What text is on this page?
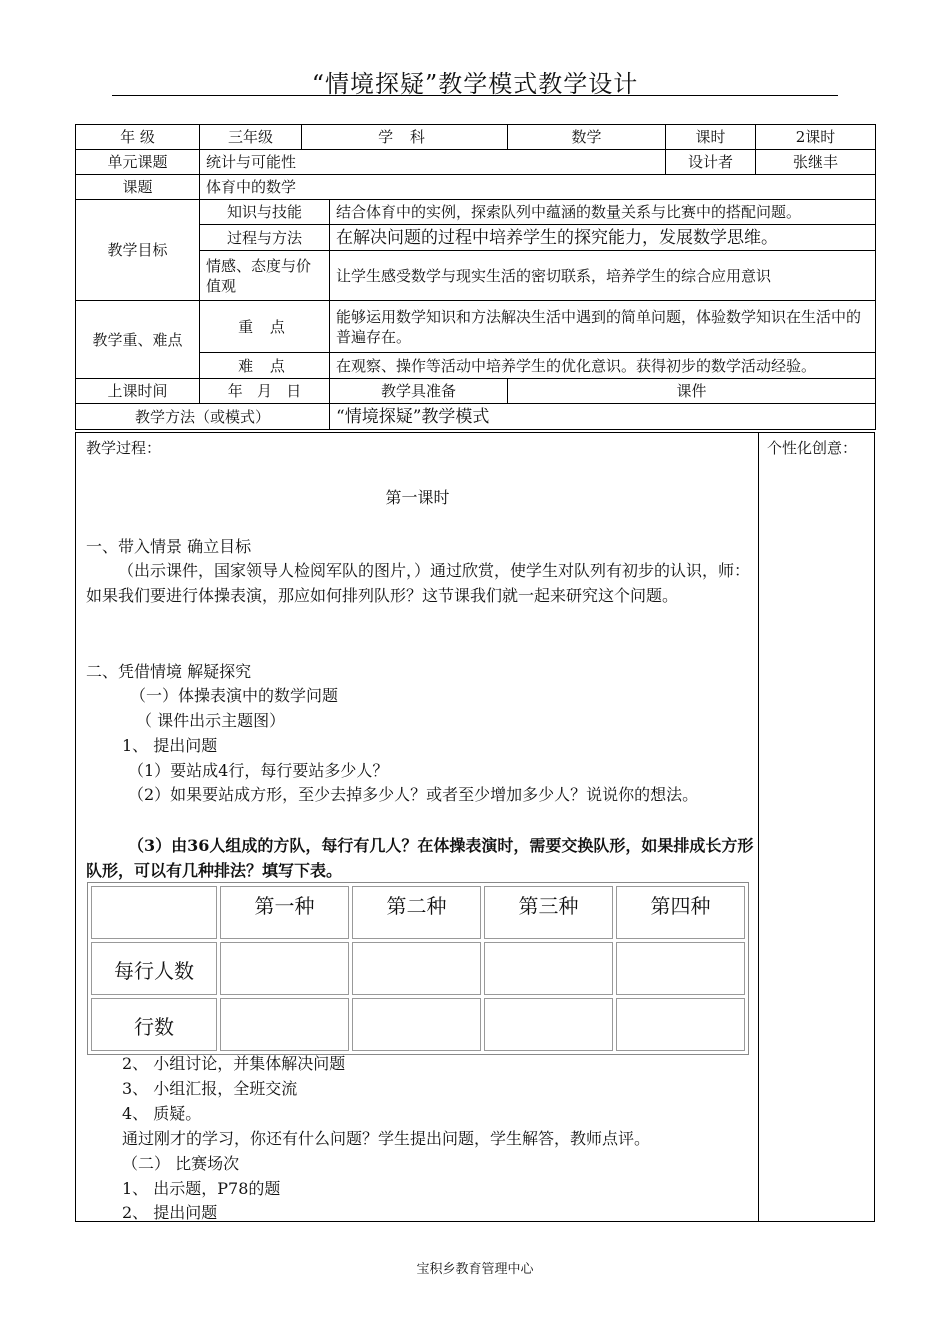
“情境探疑”教学模式教学设计
年 级	三年级	学 科		数学	课时	2课时
单元课题	统计与可能性				设计者	张继丰
课题	体育中的数学					
教学目标	知识与技能		结合体育中的实例，探索队列中蕴涵的数量关系与比赛中的搭配问题。			
	过程与方法		在解决问题的过程中培养学生的探究能力，发展数学思维。			
	情感、态度与价值观		让学生感受数学与现实生活的密切联系，培养学生的综合应用意识			
教学重、难点	重 点		能够运用数学知识和方法解决生活中遇到的简单问题，体验数学知识在生活中的普遍存在。			
	难 点		在观察、操作等活动中培养学生的优化意识。获得初步的数学活动经验。			
上课时间	年   月   日		教学具准备	课件		
教学方法（或模式）			“情境探疑”教学模式			
教学过程：
第一课时
一、带入情景 确立目标
（出示课件，国家领导人检阅军队的图片，）通过欣赏，使学生对队列有初步的认识，师：如果我们要进行体操表演，那应如何排列队形？这节课我们就一起来研究这个问题。
二、凭借情境 解疑探究
（一）体操表演中的数学问题
（ 课件出示主题图）
1、 提出问题
（1）要站成4行，每行要站多少人？
（2）如果要站成方形，至少去掉多少人？或者至少增加多少人？说说你的想法。
（3）由36人组成的方队，每行有几人？在体操表演时，需要交换队形，如果排成长方形队形，可以有几种排法？填写下表。
	第一种	第二种	第三种	第四种
每行人数				
行数				
2、 小组讨论，并集体解决问题
3、 小组汇报，全班交流
4、 质疑。
通过刚才的学习，你还有什么问题？学生提出问题，学生解答，教师点评。
（二） 比赛场次
1、 出示题，P78的题
2、 提出问题
个性化创意：
宝积乡教育管理中心
